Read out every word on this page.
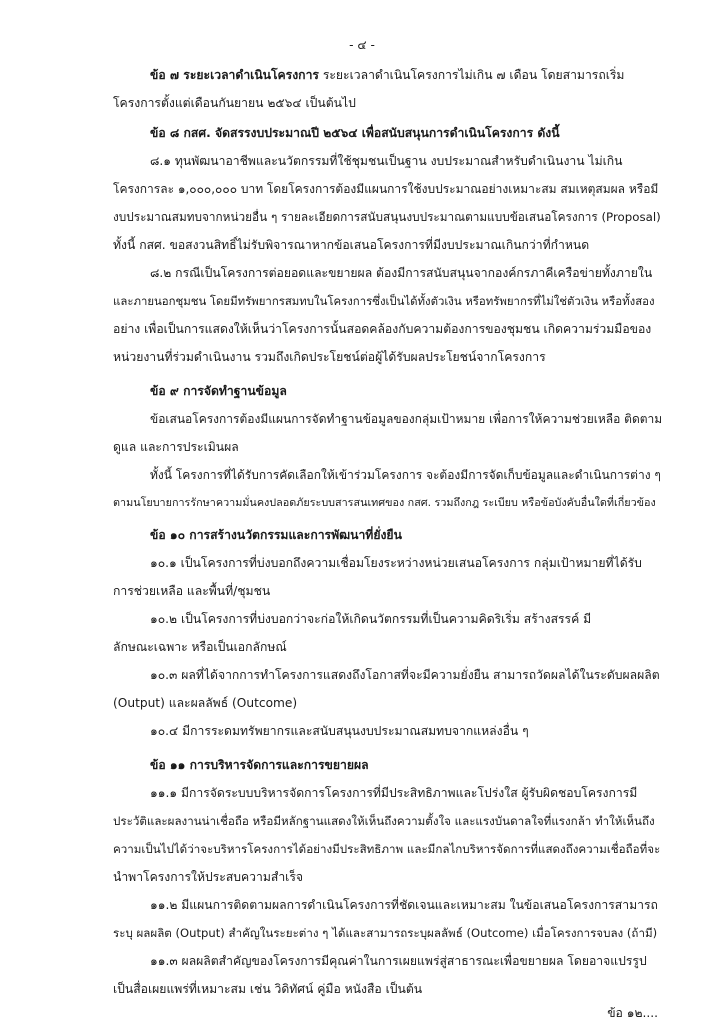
- ๔ -
ข้อ ๗ ระยะเวลาดำเนินโครงการ ระยะเวลาดำเนินโครงการไม่เกิน ๗ เดือน โดยสามารถเริ่ม
โครงการตั้งแต่เดือนกันยายน ๒๕๖๔ เป็นต้นไป
ข้อ ๘ กสศ. จัดสรรงบประมาณปี ๒๕๖๔ เพื่อสนับสนุนการดำเนินโครงการ ดังนี้
๘.๑ ทุนพัฒนาอาชีพและนวัตกรรมที่ใช้ชุมชนเป็นฐาน งบประมาณสำหรับดำเนินงาน ไม่เกิน
โครงการละ ๑,๐๐๐,๐๐๐ บาท โดยโครงการต้องมีแผนการใช้งบประมาณอย่างเหมาะสม สมเหตุสมผล หรือมี
งบประมาณสมทบจากหน่วยอื่น ๆ รายละเอียดการสนับสนุนงบประมาณตามแบบข้อเสนอโครงการ (Proposal)
ทั้งนี้ กสศ. ขอสงวนสิทธิ์ไม่รับพิจารณาหากข้อเสนอโครงการที่มีงบประมาณเกินกว่าที่กำหนด
๘.๒ กรณีเป็นโครงการต่อยอดและขยายผล ต้องมีการสนับสนุนจากองค์กรภาคีเครือข่ายทั้งภายใน
และภายนอกชุมชน โดยมีทรัพยากรสมทบในโครงการซึ่งเป็นได้ทั้งตัวเงิน หรือทรัพยากรที่ไม่ใช่ตัวเงิน หรือทั้งสอง
อย่าง เพื่อเป็นการแสดงให้เห็นว่าโครงการนั้นสอดคล้องกับความต้องการของชุมชน เกิดความร่วมมือของ
หน่วยงานที่ร่วมดำเนินงาน รวมถึงเกิดประโยชน์ต่อผู้ได้รับผลประโยชน์จากโครงการ
ข้อ ๙ การจัดทำฐานข้อมูล
ข้อเสนอโครงการต้องมีแผนการจัดทำฐานข้อมูลของกลุ่มเป้าหมาย เพื่อการให้ความช่วยเหลือ ติดตาม
ดูแล และการประเมินผล
ทั้งนี้ โครงการที่ได้รับการคัดเลือกให้เข้าร่วมโครงการ จะต้องมีการจัดเก็บข้อมูลและดำเนินการต่าง ๆ
ตามนโยบายการรักษาความมั่นคงปลอดภัยระบบสารสนเทศของ กสศ. รวมถึงกฎ ระเบียบ หรือข้อบังคับอื่นใดที่เกี่ยวข้อง
ข้อ ๑๐ การสร้างนวัตกรรมและการพัฒนาที่ยั่งยืน
๑๐.๑ เป็นโครงการที่บ่งบอกถึงความเชื่อมโยงระหว่างหน่วยเสนอโครงการ กลุ่มเป้าหมายที่ได้รับ
การช่วยเหลือ และพื้นที่/ชุมชน
๑๐.๒ เป็นโครงการที่บ่งบอกว่าจะก่อให้เกิดนวัตกรรมที่เป็นความคิดริเริ่ม สร้างสรรค์ มี
ลักษณะเฉพาะ หรือเป็นเอกลักษณ์
๑๐.๓ ผลที่ได้จากการทำโครงการแสดงถึงโอกาสที่จะมีความยั่งยืน สามารถวัดผลได้ในระดับผลผลิต
(Output) และผลลัพธ์ (Outcome)
๑๐.๔ มีการระดมทรัพยากรและสนับสนุนงบประมาณสมทบจากแหล่งอื่น ๆ
ข้อ ๑๑ การบริหารจัดการและการขยายผล
๑๑.๑ มีการจัดระบบบริหารจัดการโครงการที่มีประสิทธิภาพและโปร่งใส ผู้รับผิดชอบโครงการมี
ประวัติและผลงานน่าเชื่อถือ หรือมีหลักฐานแสดงให้เห็นถึงความตั้งใจ และแรงบันดาลใจที่แรงกล้า ทำให้เห็นถึง
ความเป็นไปได้ว่าจะบริหารโครงการได้อย่างมีประสิทธิภาพ และมีกลไกบริหารจัดการที่แสดงถึงความเชื่อถือที่จะ
นำพาโครงการให้ประสบความสำเร็จ
๑๑.๒ มีแผนการติดตามผลการดำเนินโครงการที่ชัดเจนและเหมาะสม ในข้อเสนอโครงการสามารถ
ระบุ ผลผลิต (Output) สำคัญในระยะต่าง ๆ ได้และสามารถระบุผลลัพธ์ (Outcome) เมื่อโครงการจบลง (ถ้ามี)
๑๑.๓ ผลผลิตสำคัญของโครงการมีคุณค่าในการเผยแพร่สู่สาธารณะเพื่อขยายผล โดยอาจแปรรูป
เป็นสื่อเผยแพร่ที่เหมาะสม เช่น วิดิทัศน์ คู่มือ หนังสือ เป็นต้น
ข้อ ๑๒....
